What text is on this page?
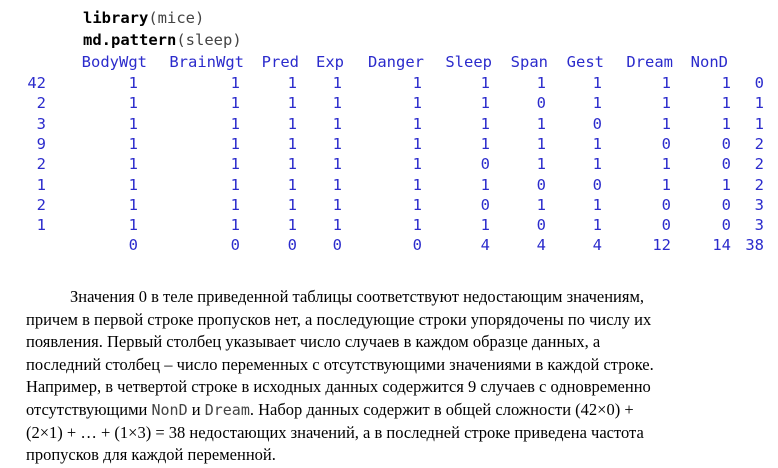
library(mice)
md.pattern(sleep)
BodyWgt BrainWgt Pred Exp Danger Sleep Span Gest Dream NonD
42	1	1	1 1	1	1	1	1	1	1 0
2	1	1	1 1	1	1	0	1	1	1 1
3	1	1	1 1	1	1	1	0	1	1 1
9	1	1	1 1	1	1	1	1	0	0 2
2	1	1	1 1	1	0	1	1	1	0 2
1	1	1	1 1	1	1	0	0	1	1 2
2	1	1	1 1	1	0	1	1	0	0 3
1	1	1	1 1	1	1	0	1	0	0 3
0	0	0 0	0	4	4	4	12	14 38
Значения 0 в теле приведенной таблицы соответствуют недостающим значениям,
причем в первой строке пропусков нет, а последующие строки упорядочены по числу их
появления. Первый столбец указывает число случаев в каждом образце данных, а
последний столбец – число переменных с отсутствующими значениями в каждой строке.
Например, в четвертой строке в исходных данных содержится 9 случаев с одновременно
отсутствующими NonD и Dream. Набор данных содержит в общей сложности (42×0) +
(2×1) + … + (1×3) = 38 недостающих значений, а в последней строке приведена частота
пропусков для каждой переменной.
